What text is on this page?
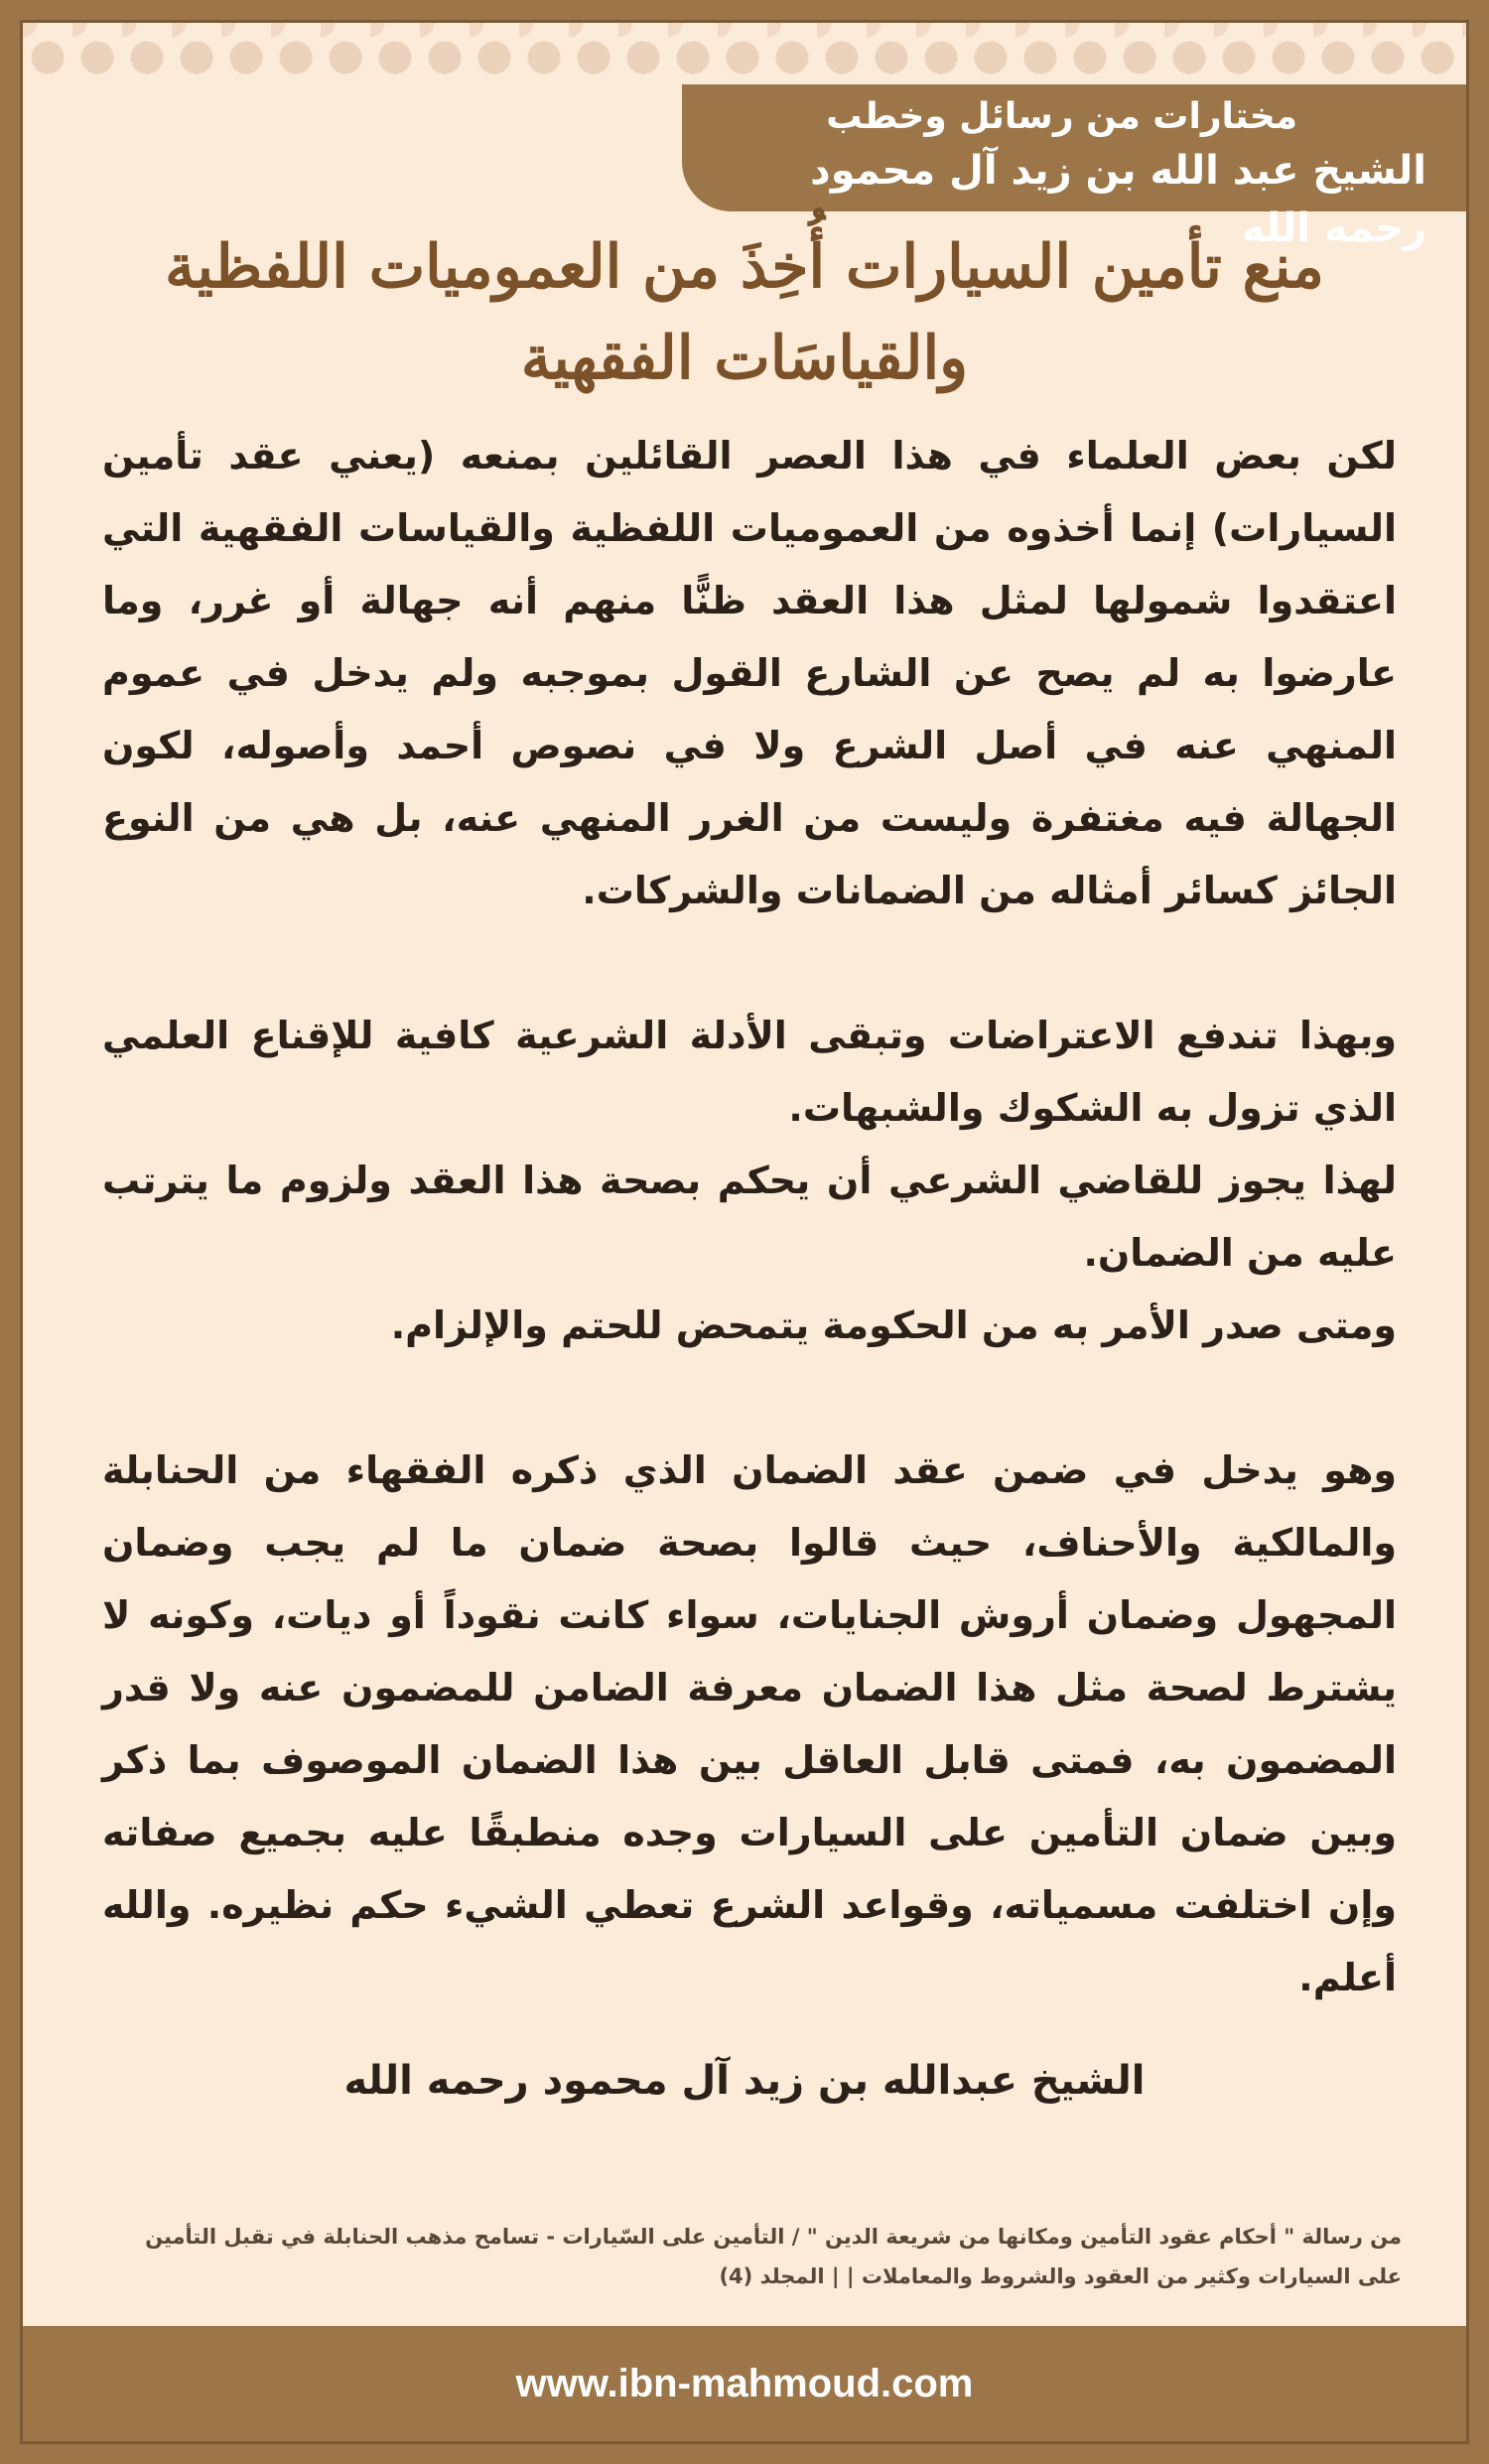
مختارات من رسائل وخطب
الشيخ عبد الله بن زيد آل محمود رحمه الله
منع تأمين السيارات أُخِذَ من العموميات اللفظية
والقياسَات الفقهية

لكن بعض العلماء في هذا العصر القائلين بمنعه (يعني عقد تأمين السيارات) إنما أخذوه من العموميات اللفظية والقياسات الفقهية التي اعتقدوا شمولها لمثل هذا العقد ظنًّا منهم أنه جهالة أو غرر، وما عارضوا به لم يصح عن الشارع القول بموجبه ولم يدخل في عموم المنهي عنه في أصل الشرع ولا في نصوص أحمد وأصوله، لكون الجهالة فيه مغتفرة وليست من الغرر المنهي عنه، بل هي من النوع الجائز كسائر أمثاله من الضمانات والشركات.

وبهذا تندفع الاعتراضات وتبقى الأدلة الشرعية كافية للإقناع العلمي الذي تزول به الشكوك والشبهات.

لهذا يجوز للقاضي الشرعي أن يحكم بصحة هذا العقد ولزوم ما يترتب عليه من الضمان.

ومتى صدر الأمر به من الحكومة يتمحض للحتم والإلزام.

وهو يدخل في ضمن عقد الضمان الذي ذكره الفقهاء من الحنابلة والمالكية والأحناف، حيث قالوا بصحة ضمان ما لم يجب وضمان المجهول وضمان أروش الجنايات، سواء كانت نقوداً أو ديات، وكونه لا يشترط لصحة مثل هذا الضمان معرفة الضامن للمضمون عنه ولا قدر المضمون به، فمتى قابل العاقل بين هذا الضمان الموصوف بما ذكر وبين ضمان التأمين على السيارات وجده منطبقًا عليه بجميع صفاته وإن اختلفت مسمياته، وقواعد الشرع تعطي الشيء حكم نظيره. والله أعلم.

الشيخ عبدالله بن زيد آل محمود رحمه الله
من رسالة " أحكام عقود التأمين ومكانها من شريعة الدين " / التأمين على السّيارات - تسامح مذهب الحنابلة في تقبل التأمين
على السيارات وكثير من العقود والشروط والمعاملات | | المجلد (4)
www.ibn-mahmoud.com
